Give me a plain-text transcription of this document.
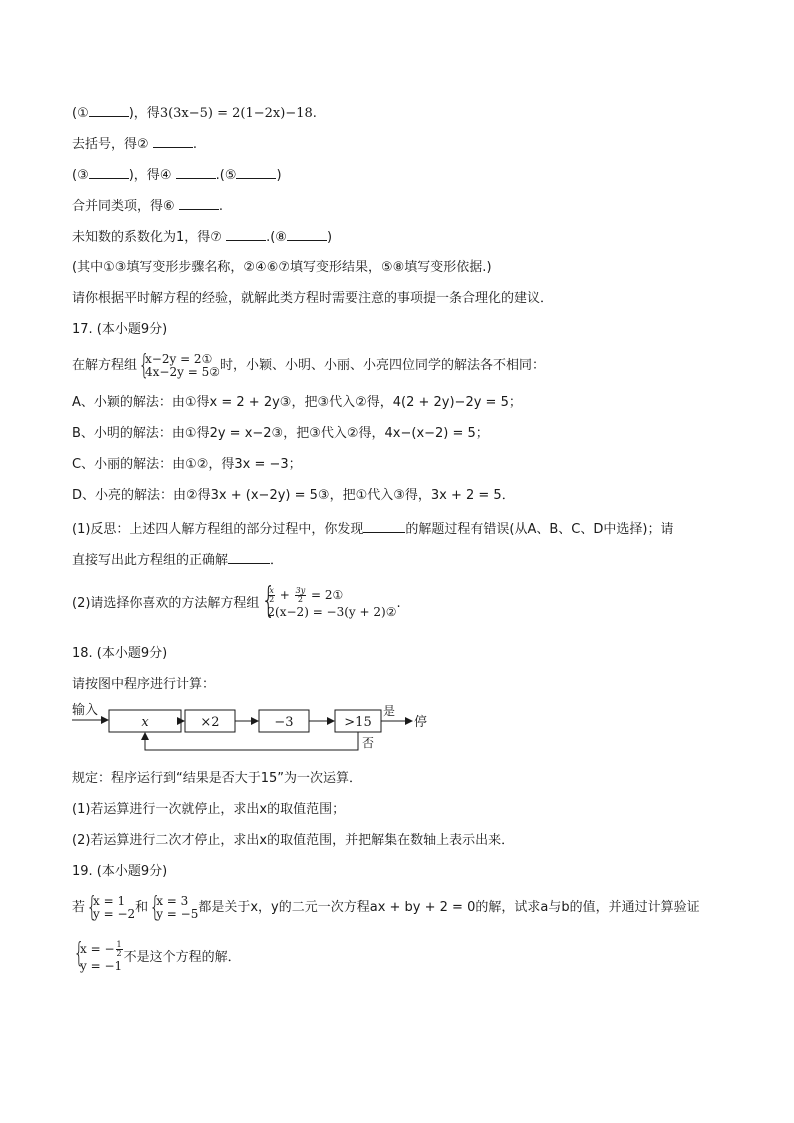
(①	)，得3(3x−5) = 2(1−2x)−18.
去括号，得②	.
(③	)，得④	.(⑤	)
合并同类项，得⑥	.
未知数的系数化为1，得⑦	.(⑧	)
(其中①③填写变形步骤名称，②④⑥⑦填写变形结果，⑤⑧填写变形依据.)
请你根据平时解方程的经验，就解此类方程时需要注意的事项提一条合理化的建议．
17. (本小题9分)
在解方程组 { x−2y = 2①
4x−2y = 5② 时，小颖、小明、小丽、小亮四位同学的解法各不相同：
A、小颖的解法：由①得x = 2 + 2y③，把③代入②得，4(2 + 2y)−2y = 5；
B、小明的解法：由①得2y = x−2③，把③代入②得，4x−(x−2) = 5；
C、小丽的解法：由①②，得3x = −3；
D、小亮的解法：由②得3x + (x−2y) = 5③，把①代入③得，3x + 2 = 5．
(1)反思：上述四人解方程组的部分过程中，你发现	的解题过程有错误(从A、B、C、D中选择)；请
直接写出此方程组的正确解	．
(2)请选择你喜欢的方法解方程组 { $\frac{x}{2} + \frac{3y}{2}$ = 2①
2(x−2) = −3(y + 2)②
.
18. (本小题9分)
请按图中程序进行计算：
输入
x	×2	−3	>15
是
停
否
规定：程序运行到“结果是否大于15”为一次运算．
(1)若运算进行一次就停止，求出x的取值范围；
(2)若运算进行二次才停止，求出x的取值范围，并把解集在数轴上表示出来．
19. (本小题9分)
若 { x = 1
y = −2 和 { x = 3
y = −5 都是关于x，y的二元一次方程ax + by + 2 = 0的解，试求a与b的值，并通过计算验证
{ x = − $\frac{1}{2}$
y = −1
不是这个方程的解．
